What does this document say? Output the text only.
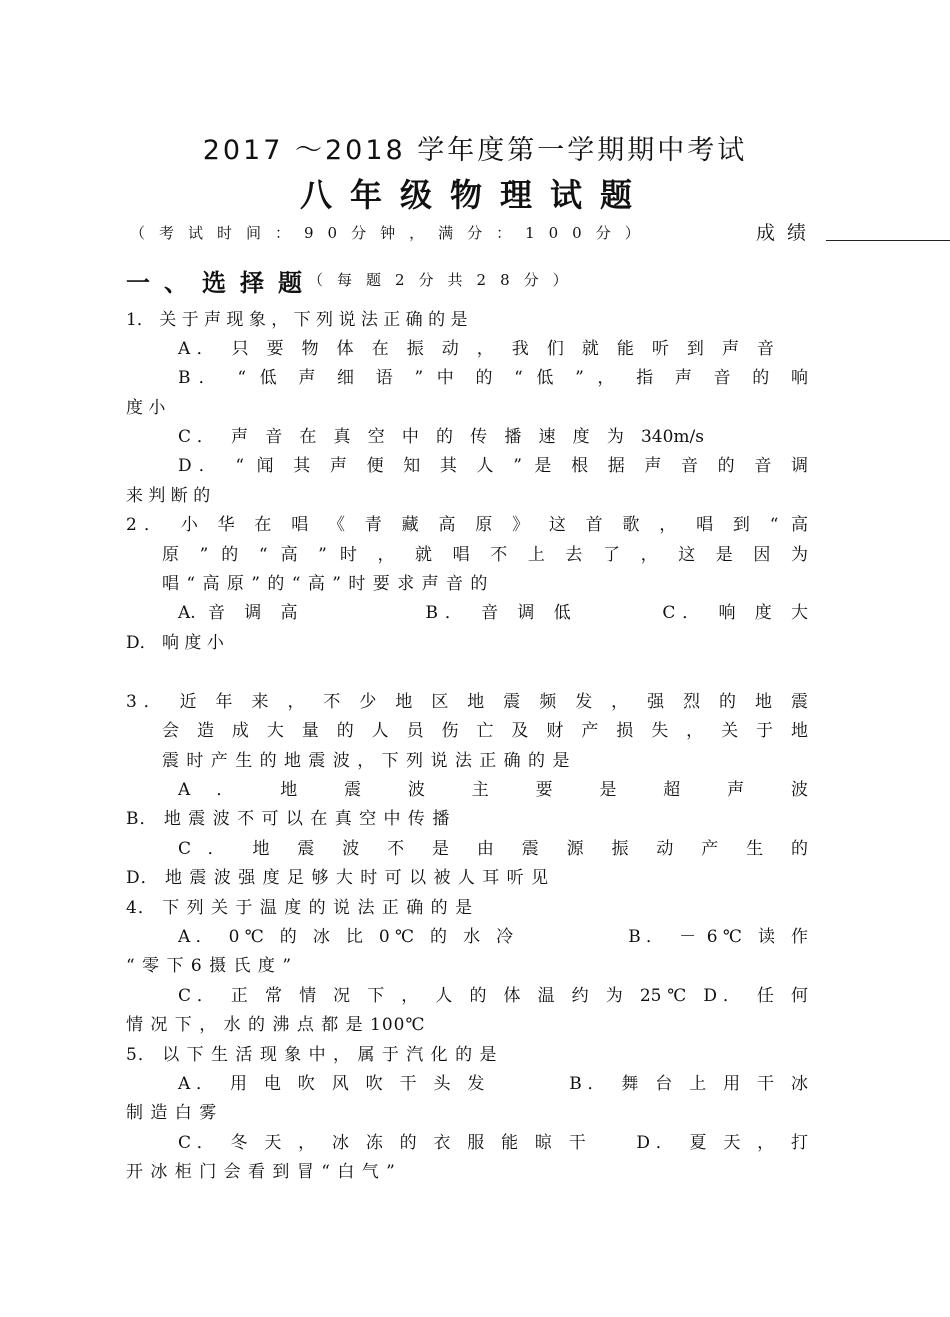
2017 ～2018 学年度第一学期期中考试
八年级物理试题
（考试时间：90分钟，满分：100分）	成绩
一、选择题
（每题2分共28分）
1． 关 于 声 现 象 ， 下 列 说 法 正 确 的 是
A． 只 要 物 体 在 振 动 ， 我 们 就 能 听 到 声 音
B． “ 低 声 细 语 ” 中 的 “ 低 ” ， 指 声 音 的 响
度 小
C． 声 音 在 真 空 中 的 传 播 速 度 为 340m/s
D． “ 闻 其 声 便 知 其 人 ” 是 根 据 声 音 的 音 调
来 判 断 的
2． 小 华 在 唱 《 青 藏 高 原 》 这 首 歌 ， 唱 到 “ 高
原 ” 的 “ 高 ” 时 ， 就 唱 不 上 去 了 ， 这 是 因 为
唱 “ 高 原 ” 的 “ 高 ” 时 要 求 声 音 的
A. 音 调 高 　 　 　 B． 音 调 低 　 　 C． 响 度 大
D． 响 度 小
3． 近 年 来 ， 不 少 地 区 地 震 频 发 ， 强 烈 的 地 震
会 造 成 大 量 的 人 员 伤 亡 及 财 产 损 失 ， 关 于 地
震 时 产 生 的 地 震 波 ， 下 列 说 法 正 确 的 是
A ． 地 震 波 主 要 是 超 声 波
B． 地 震 波 不 可 以 在 真 空 中 传 播
C ． 地 震 波 不 是 由 震 源 振 动 产 生 的
D． 地 震 波 强 度 足 够 大 时 可 以 被 人 耳 听 见
4． 下 列 关 于 温 度 的 说 法 正 确 的 是
A． 0℃ 的 冰 比 0℃ 的 水 冷 　 　 　 B． － 6℃ 读 作
“ 零 下 6 摄 氏 度 ”
C． 正 常 情 况 下 ， 人 的 体 温 约 为 25℃ D． 任 何
情 况 下 ， 水 的 沸 点 都 是 100℃
5． 以 下 生 活 现 象 中 ， 属 于 汽 化 的 是
A． 用 电 吹 风 吹 干 头 发 　 　 B． 舞 台 上 用 干 冰
制 造 白 雾
C． 冬 天 ， 冰 冻 的 衣 服 能 晾 干 　 D． 夏 天 ， 打
开 冰 柜 门 会 看 到 冒 “ 白 气 ”
